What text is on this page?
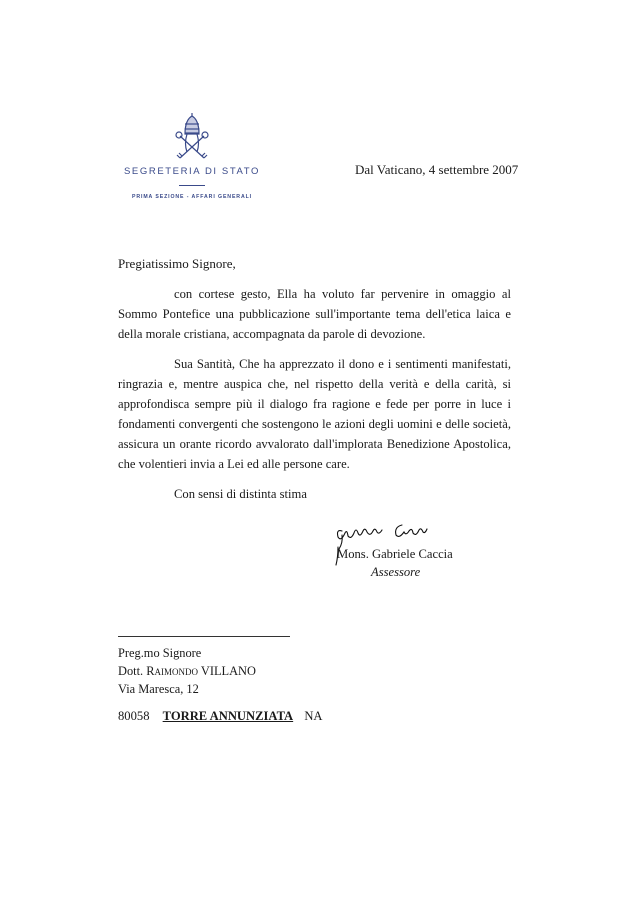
SEGRETERIA DI STATO
PRIMA SEZIONE - AFFARI GENERALI
Dal Vaticano, 4 settembre 2007
Pregiatissimo Signore,

con cortese gesto, Ella ha voluto far pervenire in omaggio al Sommo Pontefice una pubblicazione sull'importante tema dell'etica laica e della morale cristiana, accompagnata da parole di devozione.

Sua Santità, Che ha apprezzato il dono e i sentimenti manifestati, ringrazia e, mentre auspica che, nel rispetto della verità e della carità, si approfondisca sempre più il dialogo fra ragione e fede per porre in luce i fondamenti convergenti che sostengono le azioni degli uomini e delle società, assicura un orante ricordo avvalorato dall'implorata Benedizione Apostolica, che volentieri invia a Lei ed alle persone care.

Con sensi di distinta stima
Mons. Gabriele Caccia
Assessore
Preg.mo Signore
Dott. Raimondo VILLANO
Via Maresca, 12
80058 TORRE ANNUNZIATA NA
